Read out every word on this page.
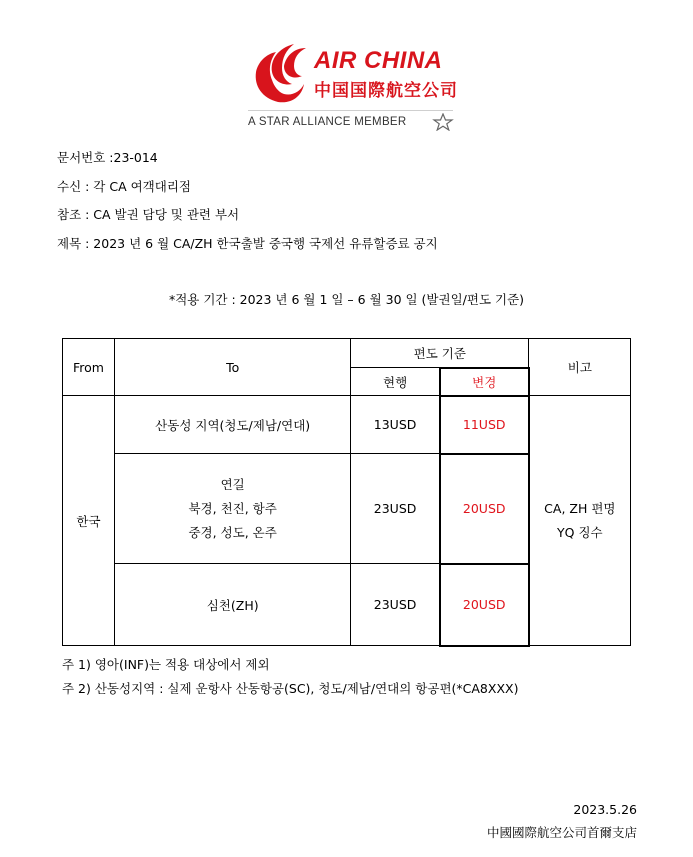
AIR CHINA
中国国際航空公司
A STAR ALLIANCE MEMBER
문서번호 :23-014
수신 : 각 CA 여객대리점
참조 : CA 발권 담당 및 관련 부서
제목 : 2023 년 6 월 CA/ZH 한국출발 중국행 국제선 유류할증료 공지
*적용 기간 : 2023 년 6 월 1 일 – 6 월 30 일 (발권일/편도 기준)
From	To	편도 기준		비고
		현행	변경	
한국	산동성 지역(청도/제남/연대)	13USD	11USD	CA, ZH 편명
YQ 징수

	연길
북경, 천진, 항주
중경, 성도, 온주	23USD	20USD	
	심천(ZH)	23USD	20USD	
주 1) 영아(INF)는 적용 대상에서 제외
주 2) 산동성지역 : 실제 운항사 산동항공(SC), 청도/제남/연대의 항공편(*CA8XXX)
2023.5.26
中國國際航空公司首爾支店
